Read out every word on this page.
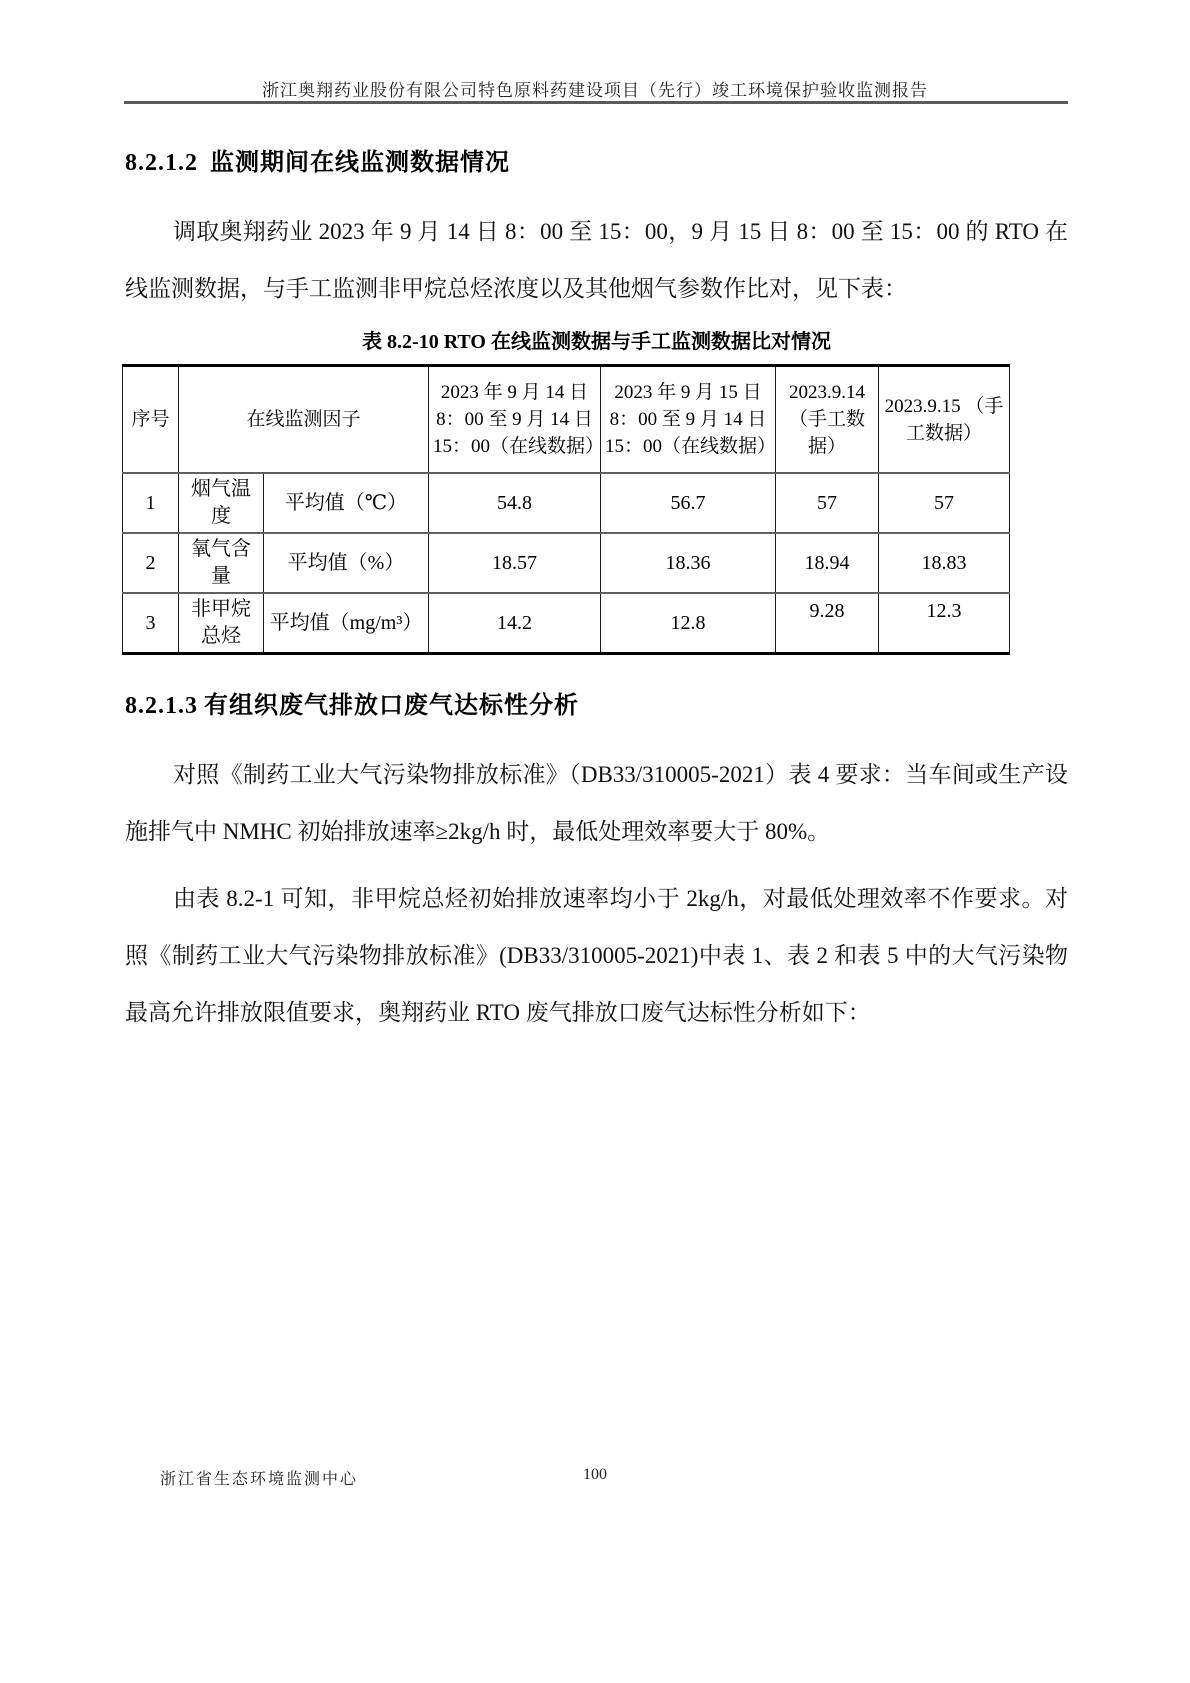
浙江奥翔药业股份有限公司特色原料药建设项目（先行）竣工环境保护验收监测报告
8.2.1.2 监测期间在线监测数据情况

调取奥翔药业 2023 年 9 月 14 日 8：00 至 15：00，9 月 15 日 8：00 至 15：00 的 RTO 在线监测数据，与手工监测非甲烷总烃浓度以及其他烟气参数作比对，见下表：

表 8.2-10 RTO 在线监测数据与手工监测数据比对情况
序号	在线监测因子		2023 年 9 月 14 日 8：00 至 9 月 14 日 15：00（在线数据）	2023 年 9 月 15 日 8：00 至 9 月 14 日 15：00（在线数据）	2023.9.14 （手工数据）	2023.9.15 （手工数据）
1	烟气温度	平均值（℃）	54.8	56.7	57	57
2	氧气含量	平均值（%）	18.57	18.36	18.94	18.83
3	非甲烷总烃	平均值（mg/m³）	14.2	12.8	9.28	12.3
8.2.1.3 有组织废气排放口废气达标性分析

对照《制药工业大气污染物排放标准》（DB33/310005-2021）表 4 要求：当车间或生产设施排气中 NMHC 初始排放速率≥2kg/h 时，最低处理效率要大于 80%。

由表 8.2-1 可知，非甲烷总烃初始排放速率均小于 2kg/h，对最低处理效率不作要求。对照《制药工业大气污染物排放标准》(DB33/310005-2021)中表 1、表 2 和表 5 中的大气污染物最高允许排放限值要求，奥翔药业 RTO 废气排放口废气达标性分析如下：

浙江省生态环境监测中心	100
